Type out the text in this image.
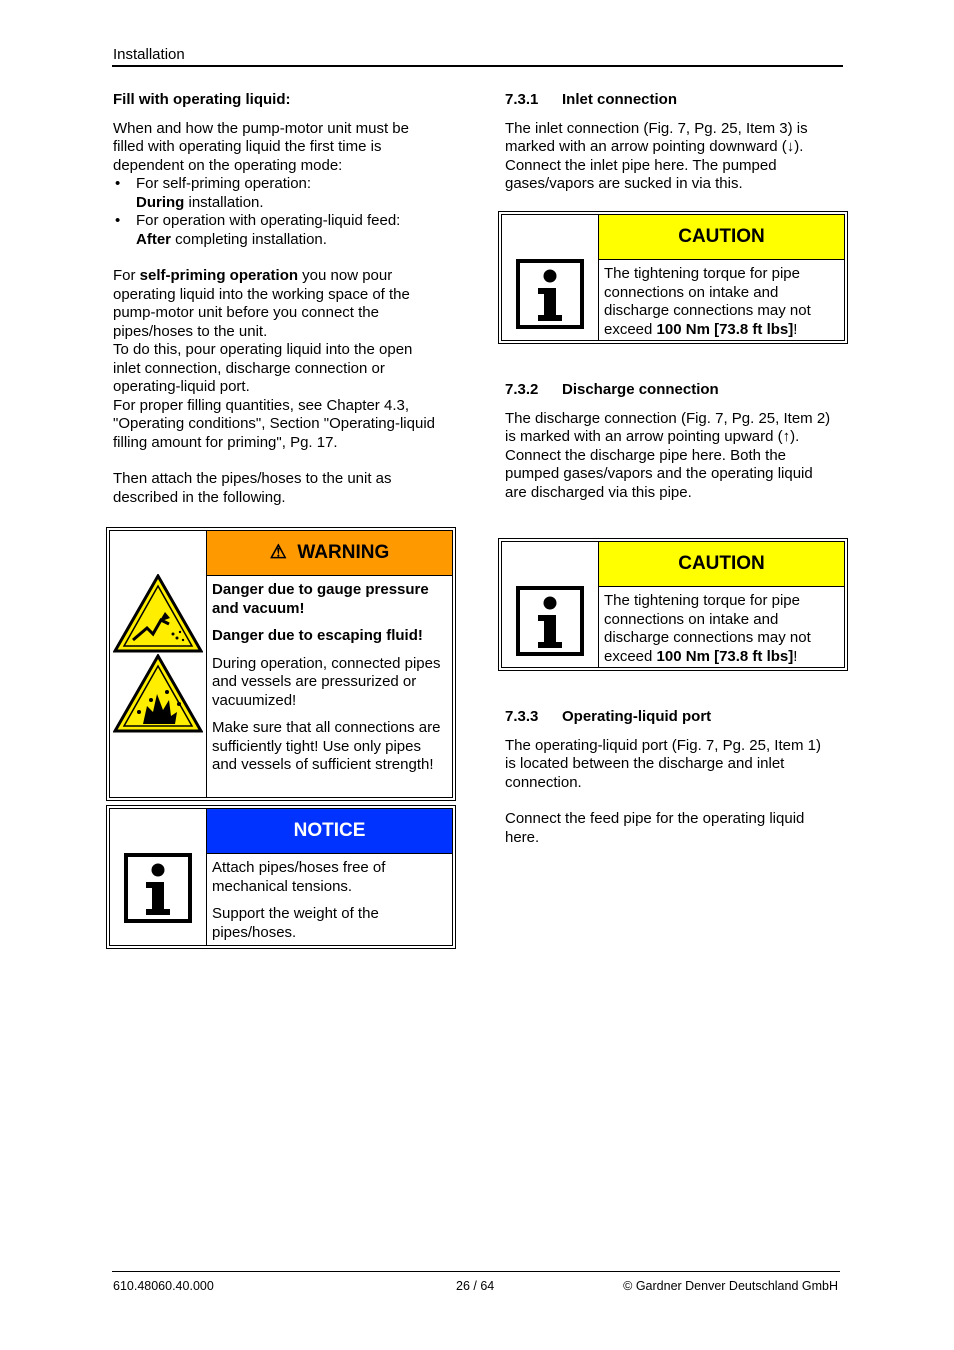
Installation

Fill with operating liquid:

When and how the pump-motor unit must be filled with operating liquid the first time is dependent on the operating mode:

• For self-priming operation:
During installation.
• For operation with operating-liquid feed:
After completing installation.

For self-priming operation you now pour operating liquid into the working space of the pump-motor unit before you connect the pipes/hoses to the unit.

To do this, pour operating liquid into the open inlet connection, discharge connection or operating-liquid port.

For proper filling quantities, see Chapter 4.3, "Operating conditions", Section "Operating-liquid filling amount for priming", Pg. 17.

Then attach the pipes/hoses to the unit as described in the following.

⚠ WARNING

Danger due to gauge pressure and vacuum!

Danger due to escaping fluid!

During operation, connected pipes and vessels are pressurized or vacuumized!

Make sure that all connections are sufficiently tight! Use only pipes and vessels of sufficient strength!

NOTICE

Attach pipes/hoses free of mechanical tensions.

Support the weight of the pipes/hoses.

7.3.1 Inlet connection

The inlet connection (Fig. 7, Pg. 25, Item 3) is marked with an arrow pointing downward (↓). Connect the inlet pipe here. The pumped gases/vapors are sucked in via this.

CAUTION

The tightening torque for pipe connections on intake and discharge connections may not exceed 100 Nm [73.8 ft lbs]!

7.3.2 Discharge connection

The discharge connection (Fig. 7, Pg. 25, Item 2) is marked with an arrow pointing upward (↑).

Connect the discharge pipe here. Both the pumped gases/vapors and the operating liquid are discharged via this pipe.

CAUTION

The tightening torque for pipe connections on intake and discharge connections may not exceed 100 Nm [73.8 ft lbs]!

7.3.3 Operating-liquid port

The operating-liquid port (Fig. 7, Pg. 25, Item 1) is located between the discharge and inlet connection.

Connect the feed pipe for the operating liquid here.

610.48060.40.000	26 / 64	© Gardner Denver Deutschland GmbH
